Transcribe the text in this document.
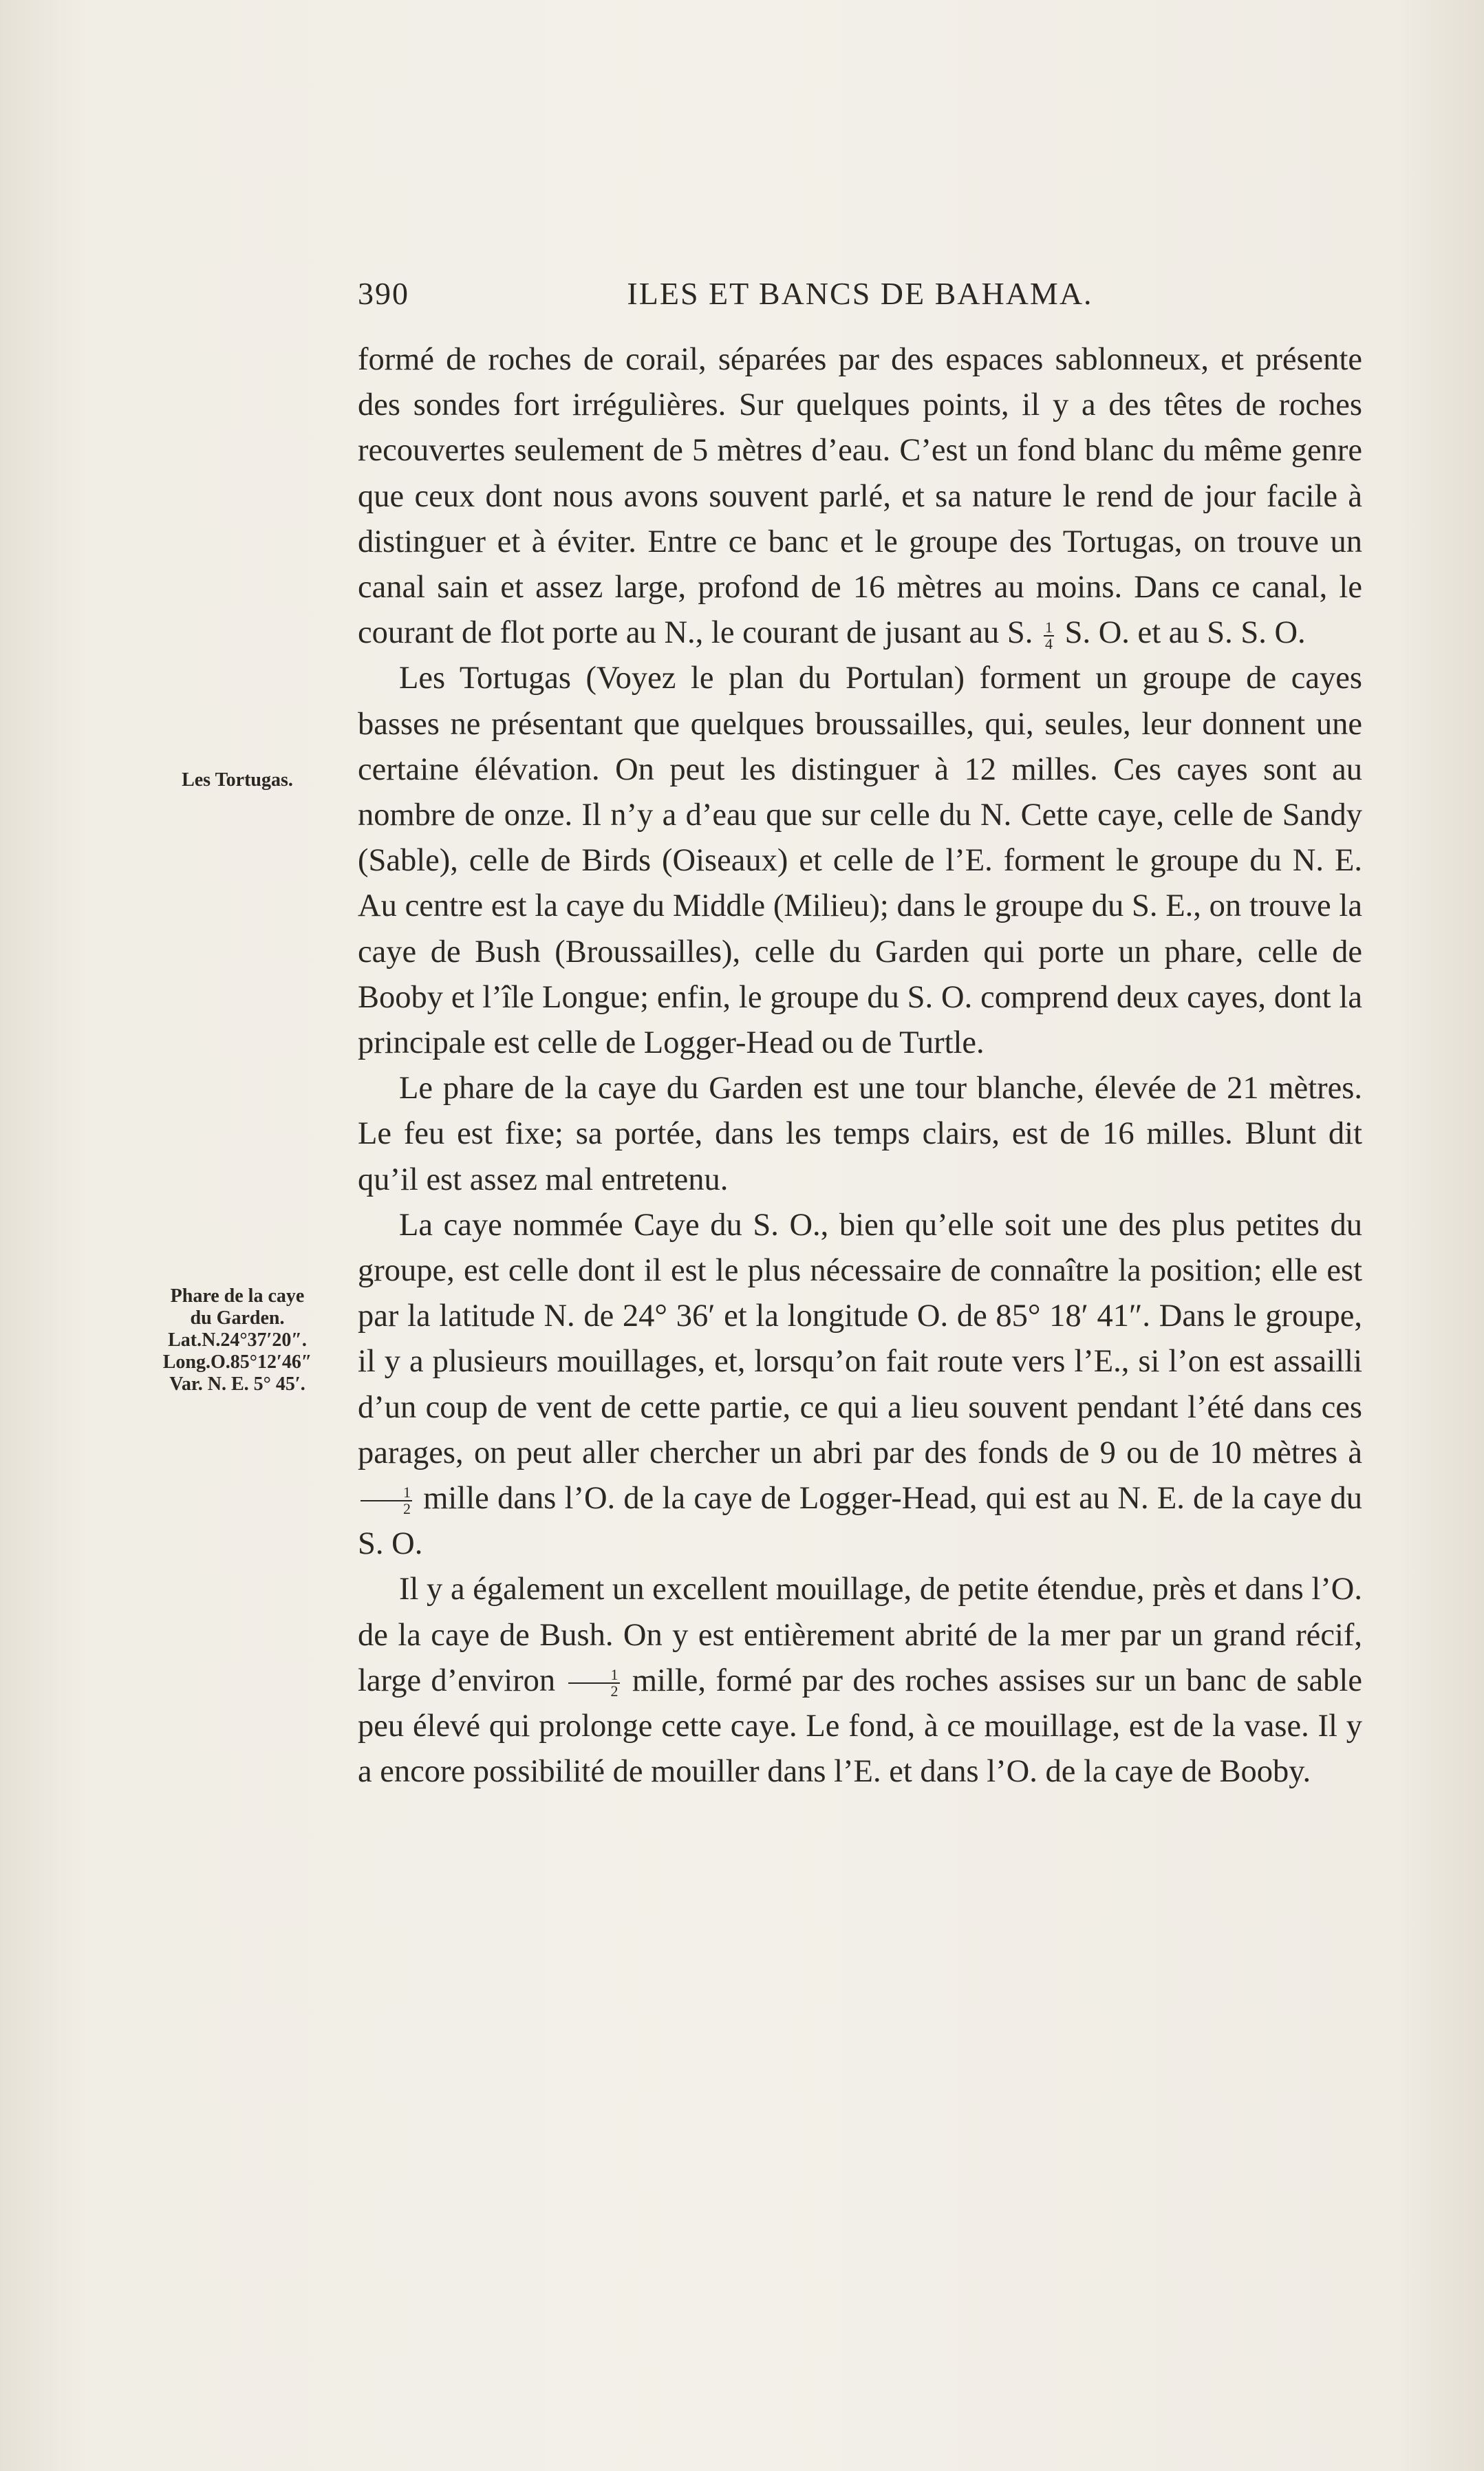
390	ILES ET BANCS DE BAHAMA.
Les Tortugas.
Phare de la caye
du Garden.
Lat.N.24°37′20″.
Long.O.85°12′46″
Var. N. E. 5° 45′.

formé de roches de corail, séparées par des espaces sablonneux, et présente des sondes fort irrégulières. Sur quelques points, il y a des têtes de roches recouvertes seulement de 5 mètres d’eau. C’est un fond blanc du même genre que ceux dont nous avons souvent parlé, et sa nature le rend de jour facile à distinguer et à éviter. Entre ce banc et le groupe des Tortugas, on trouve un canal sain et assez large, profond de 16 mètres au moins. Dans ce canal, le courant de flot porte au N., le courant de jusant au S. $\frac{1}{4} S$. O. et au S. S. O.

Les Tortugas (Voyez le plan du Portulan) forment un groupe de cayes basses ne présentant que quelques broussailles, qui, seules, leur donnent une certaine élévation. On peut les distinguer à 12 milles. Ces cayes sont au nombre de onze. Il n’y a d’eau que sur celle du N. Cette caye, celle de Sandy (Sable), celle de Birds (Oiseaux) et celle de l’E. forment le groupe du N. E. Au centre est la caye du Middle (Milieu); dans le groupe du S. E., on trouve la caye de Bush (Broussailles), celle du Garden qui porte un phare, celle de Booby et l’île Longue; enfin, le groupe du S. O. comprend deux cayes, dont la principale est celle de Logger-Head ou de Turtle.

Le phare de la caye du Garden est une tour blanche, élevée de 21 mètres. Le feu est fixe; sa portée, dans les temps clairs, est de 16 milles. Blunt dit qu’il est assez mal entretenu.

La caye nommée Caye du S. O., bien qu’elle soit une des plus petites du groupe, est celle dont il est le plus nécessaire de connaître la position; elle est par la latitude N. de 24° 36′ et la longitude O. de 85° 18′ 41″. Dans le groupe, il y a plusieurs mouillages, et, lorsqu’on fait route vers l’E., si l’on est assailli d’un coup de vent de cette partie, ce qui a lieu souvent pendant l’été dans ces parages, on peut aller chercher un abri par des fonds de 9 ou de 10 mètres à
$\frac{1}{2}$ mille dans l’O. de la caye de Logger-Head, qui est au N. E. de la caye du S. O.

Il y a également un excellent mouillage, de petite étendue, près et dans l’O. de la caye de Bush. On y est entièrement abrité de la mer par un grand récif, large d’environ $\frac{1}{2}$ mille, formé par des roches assises sur un banc de sable peu élevé qui prolonge cette caye. Le fond, à ce mouillage, est de la vase. Il y a encore possibilité de mouiller dans l’E. et dans l’O. de la caye de Booby.
